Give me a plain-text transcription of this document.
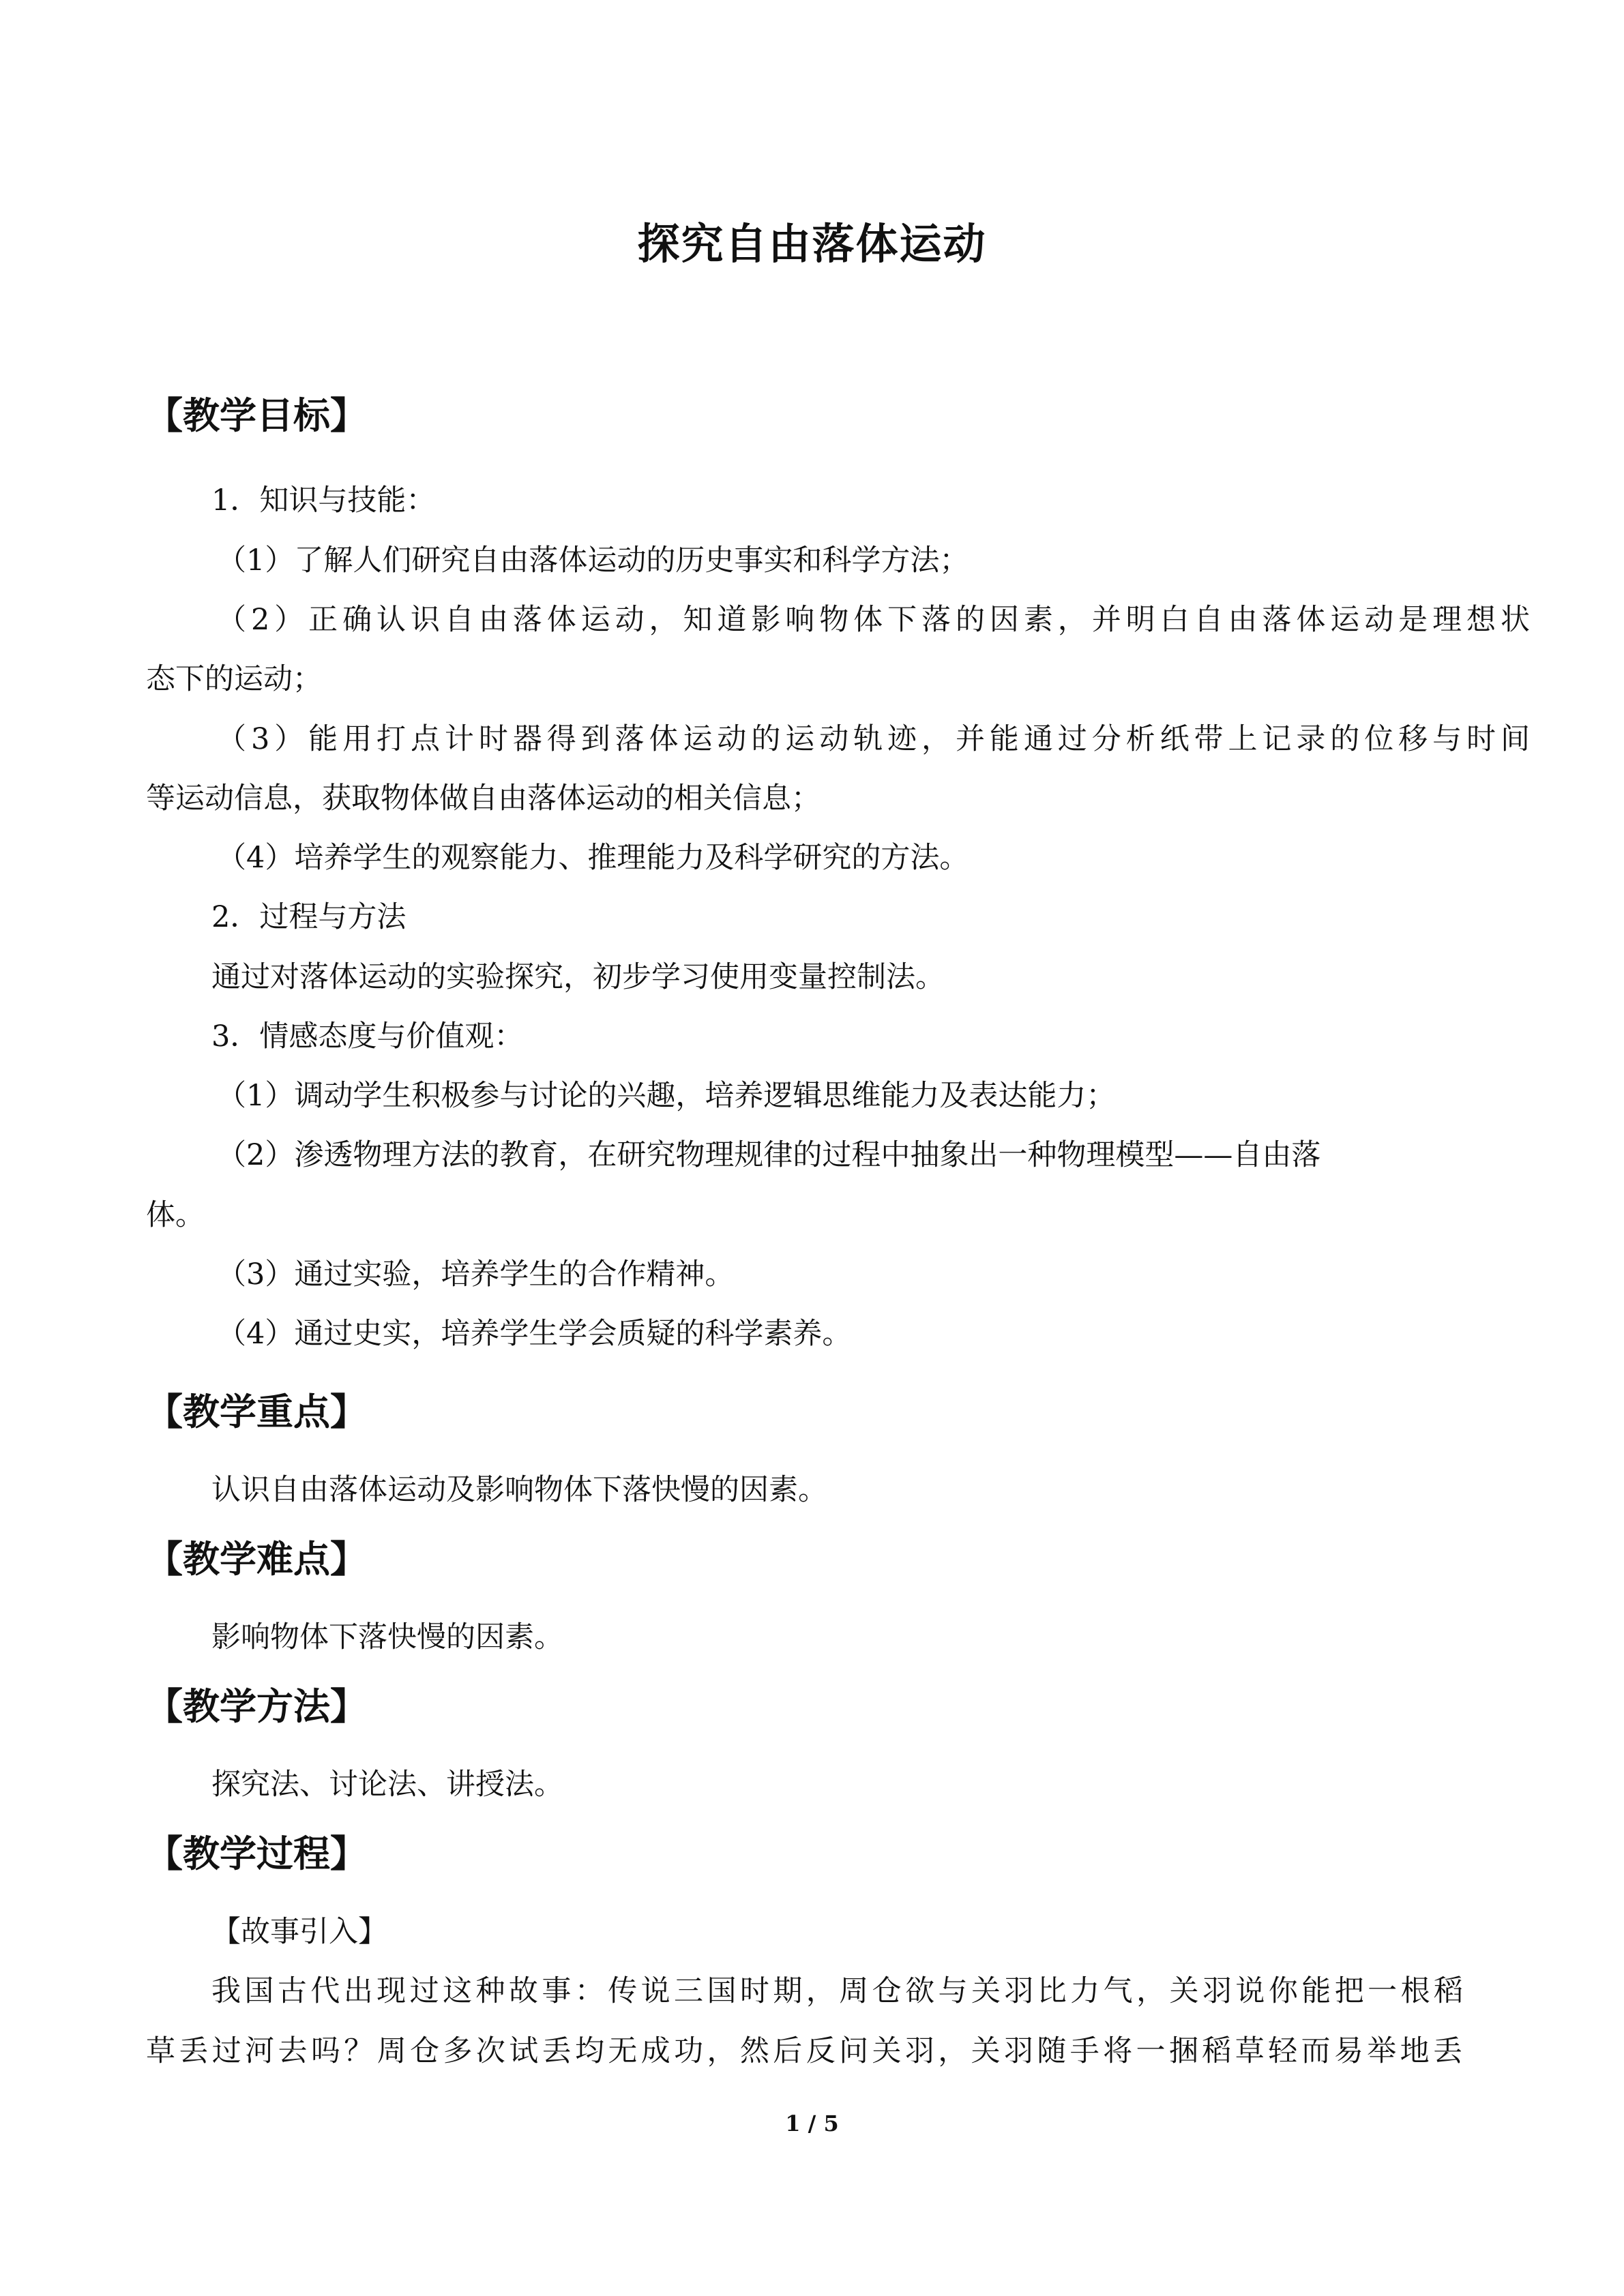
探究自由落体运动
【教学目标】
1．知识与技能：
（1）了解人们研究自由落体运动的历史事实和科学方法；
（2）正确认识自由落体运动，知道影响物体下落的因素，并明白自由落体运动是理想状
态下的运动；
（3）能用打点计时器得到落体运动的运动轨迹，并能通过分析纸带上记录的位移与时间
等运动信息，获取物体做自由落体运动的相关信息；
（4）培养学生的观察能力、推理能力及科学研究的方法。
2．过程与方法
通过对落体运动的实验探究，初步学习使用变量控制法。
3．情感态度与价值观：
（1）调动学生积极参与讨论的兴趣，培养逻辑思维能力及表达能力；
（2）渗透物理方法的教育，在研究物理规律的过程中抽象出一种物理模型——自由落
体。
（3）通过实验，培养学生的合作精神。
（4）通过史实，培养学生学会质疑的科学素养。
【教学重点】
认识自由落体运动及影响物体下落快慢的因素。
【教学难点】
影响物体下落快慢的因素。
【教学方法】
探究法、讨论法、讲授法。
【教学过程】
【故事引入】
我国古代出现过这种故事：传说三国时期，周仓欲与关羽比力气，关羽说你能把一根稻
草丢过河去吗？周仓多次试丢均无成功，然后反问关羽，关羽随手将一捆稻草轻而易举地丢
1 / 5
